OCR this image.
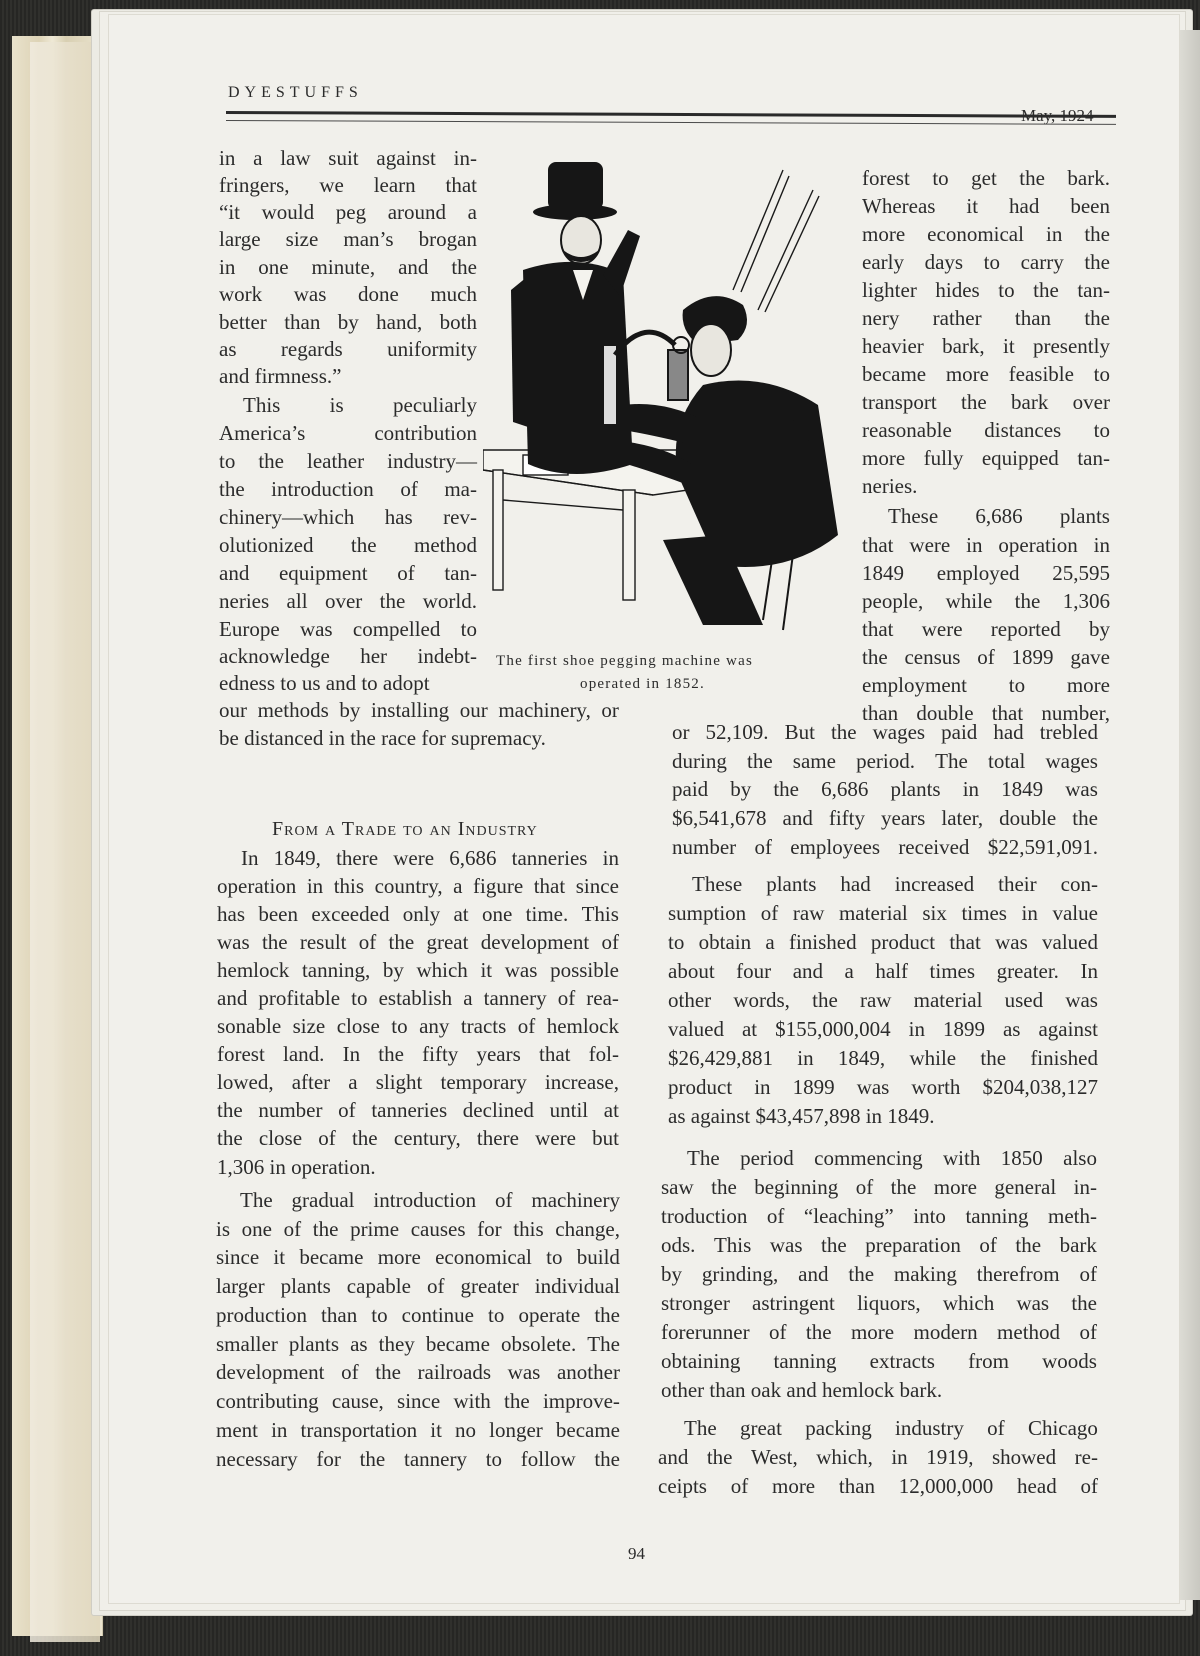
DYESTUFFS
The first shoe pegging machine was
operated in 1852.
in a law suit against in-
fringers, we learn that
“it would peg around a
large size man’s brogan
in one minute, and the
work was done much
better than by hand, both
as regards uniformity
and firmness.”
This is peculiarly
America’s	contribution
to the leather industry—
the introduction of ma-
chinery—which has rev-
olutionized the method
and equipment of tan-
neries all over the world.
Europe was compelled to
acknowledge her indebt-
edness to us and to adopt
our methods by installing our machinery, or
be distanced in the race for supremacy.
In 1849, there were 6,686 tanneries in
operation in this country, a figure that since
has been exceeded only at one time. This
was the result of the great development of
hemlock tanning, by which it was possible
and profitable to establish a tannery of rea-
sonable size close to any tracts of hemlock
forest land. In the fifty years that fol-
lowed, after a slight temporary increase,
the number of tanneries declined until at
the close of the century, there were but
1,306 in operation.
The gradual introduction of machinery
is one of the prime causes for this change,
since it became more economical to build
larger plants capable of greater individual
production than to continue to operate the
smaller plants as they became obsolete. The
development of the railroads was another
contributing cause, since with the improve-
ment in transportation it no longer became
necessary for the tannery to follow the
From a Trade to an Industry
forest to get the bark.
Whereas it had been
more economical in the
early days to carry the
lighter hides to the tan-
nery rather than the
heavier bark, it presently
became more feasible to
transport the bark over
reasonable distances to
more fully equipped tan-
neries.
These 6,686 plants
that were in operation in
1849 employed 25,595
people, while the 1,306
that were reported by
the census of 1899 gave
employment to more
than double that number,
or 52,109. But the wages paid had trebled
during the same period. The total wages
paid by the 6,686 plants in 1849 was
$6,541,678 and fifty years later, double the
number of employees received $22,591,091.
These plants had increased their con-
sumption of raw material six times in value
to obtain a finished product that was valued
about four and a half times greater. In
other words, the raw material used was
valued at $155,000,004 in 1899 as against
$26,429,881 in 1849, while the finished
product in 1899 was worth $204,038,127
as against $43,457,898 in 1849.
The period commencing with 1850 also
saw the beginning of the more general in-
troduction of “leaching” into tanning meth-
ods. This was the preparation of the bark
by grinding, and the making therefrom of
stronger astringent liquors, which was the
forerunner of the more modern method of
obtaining tanning extracts from woods
other than oak and hemlock bark.
The great packing industry of Chicago
and the West, which, in 1919, showed re-
ceipts of more than 12,000,000 head of
94
